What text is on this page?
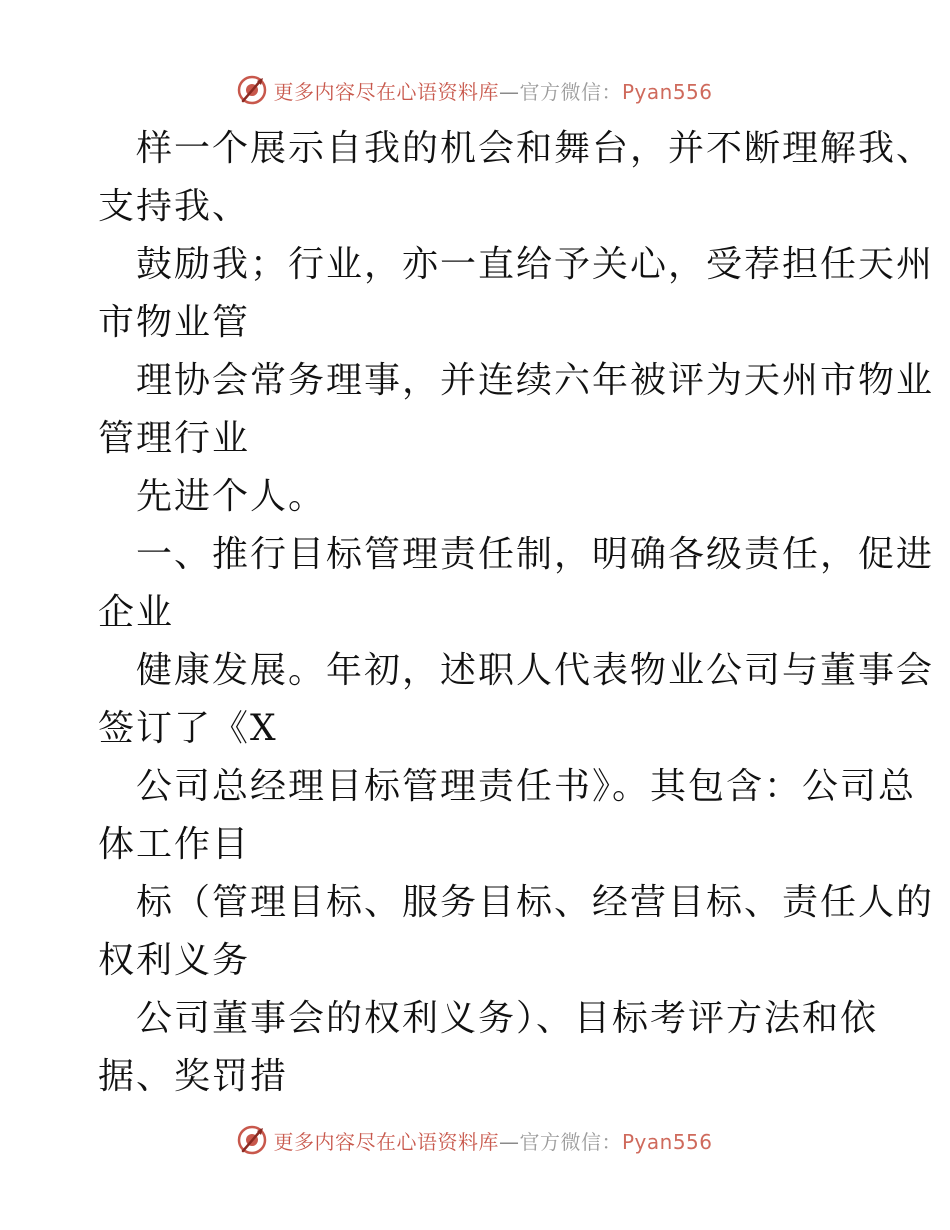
更多内容尽在心语资料库—官方微信：Pyan556
样一个展示自我的机会和舞台，并不断理解我、
支持我、
鼓励我；行业，亦一直给予关心，受荐担任天州
市物业管
理协会常务理事，并连续六年被评为天州市物业
管理行业
先进个人。
一、推行目标管理责任制，明确各级责任，促进
企业
健康发展。年初，述职人代表物业公司与董事会
签订了《X
公司总经理目标管理责任书》。其包含：公司总
体工作目
标（管理目标、服务目标、经营目标、责任人的
权利义务
公司董事会的权利义务）、目标考评方法和依
据、奖罚措
更多内容尽在心语资料库—官方微信：Pyan556
